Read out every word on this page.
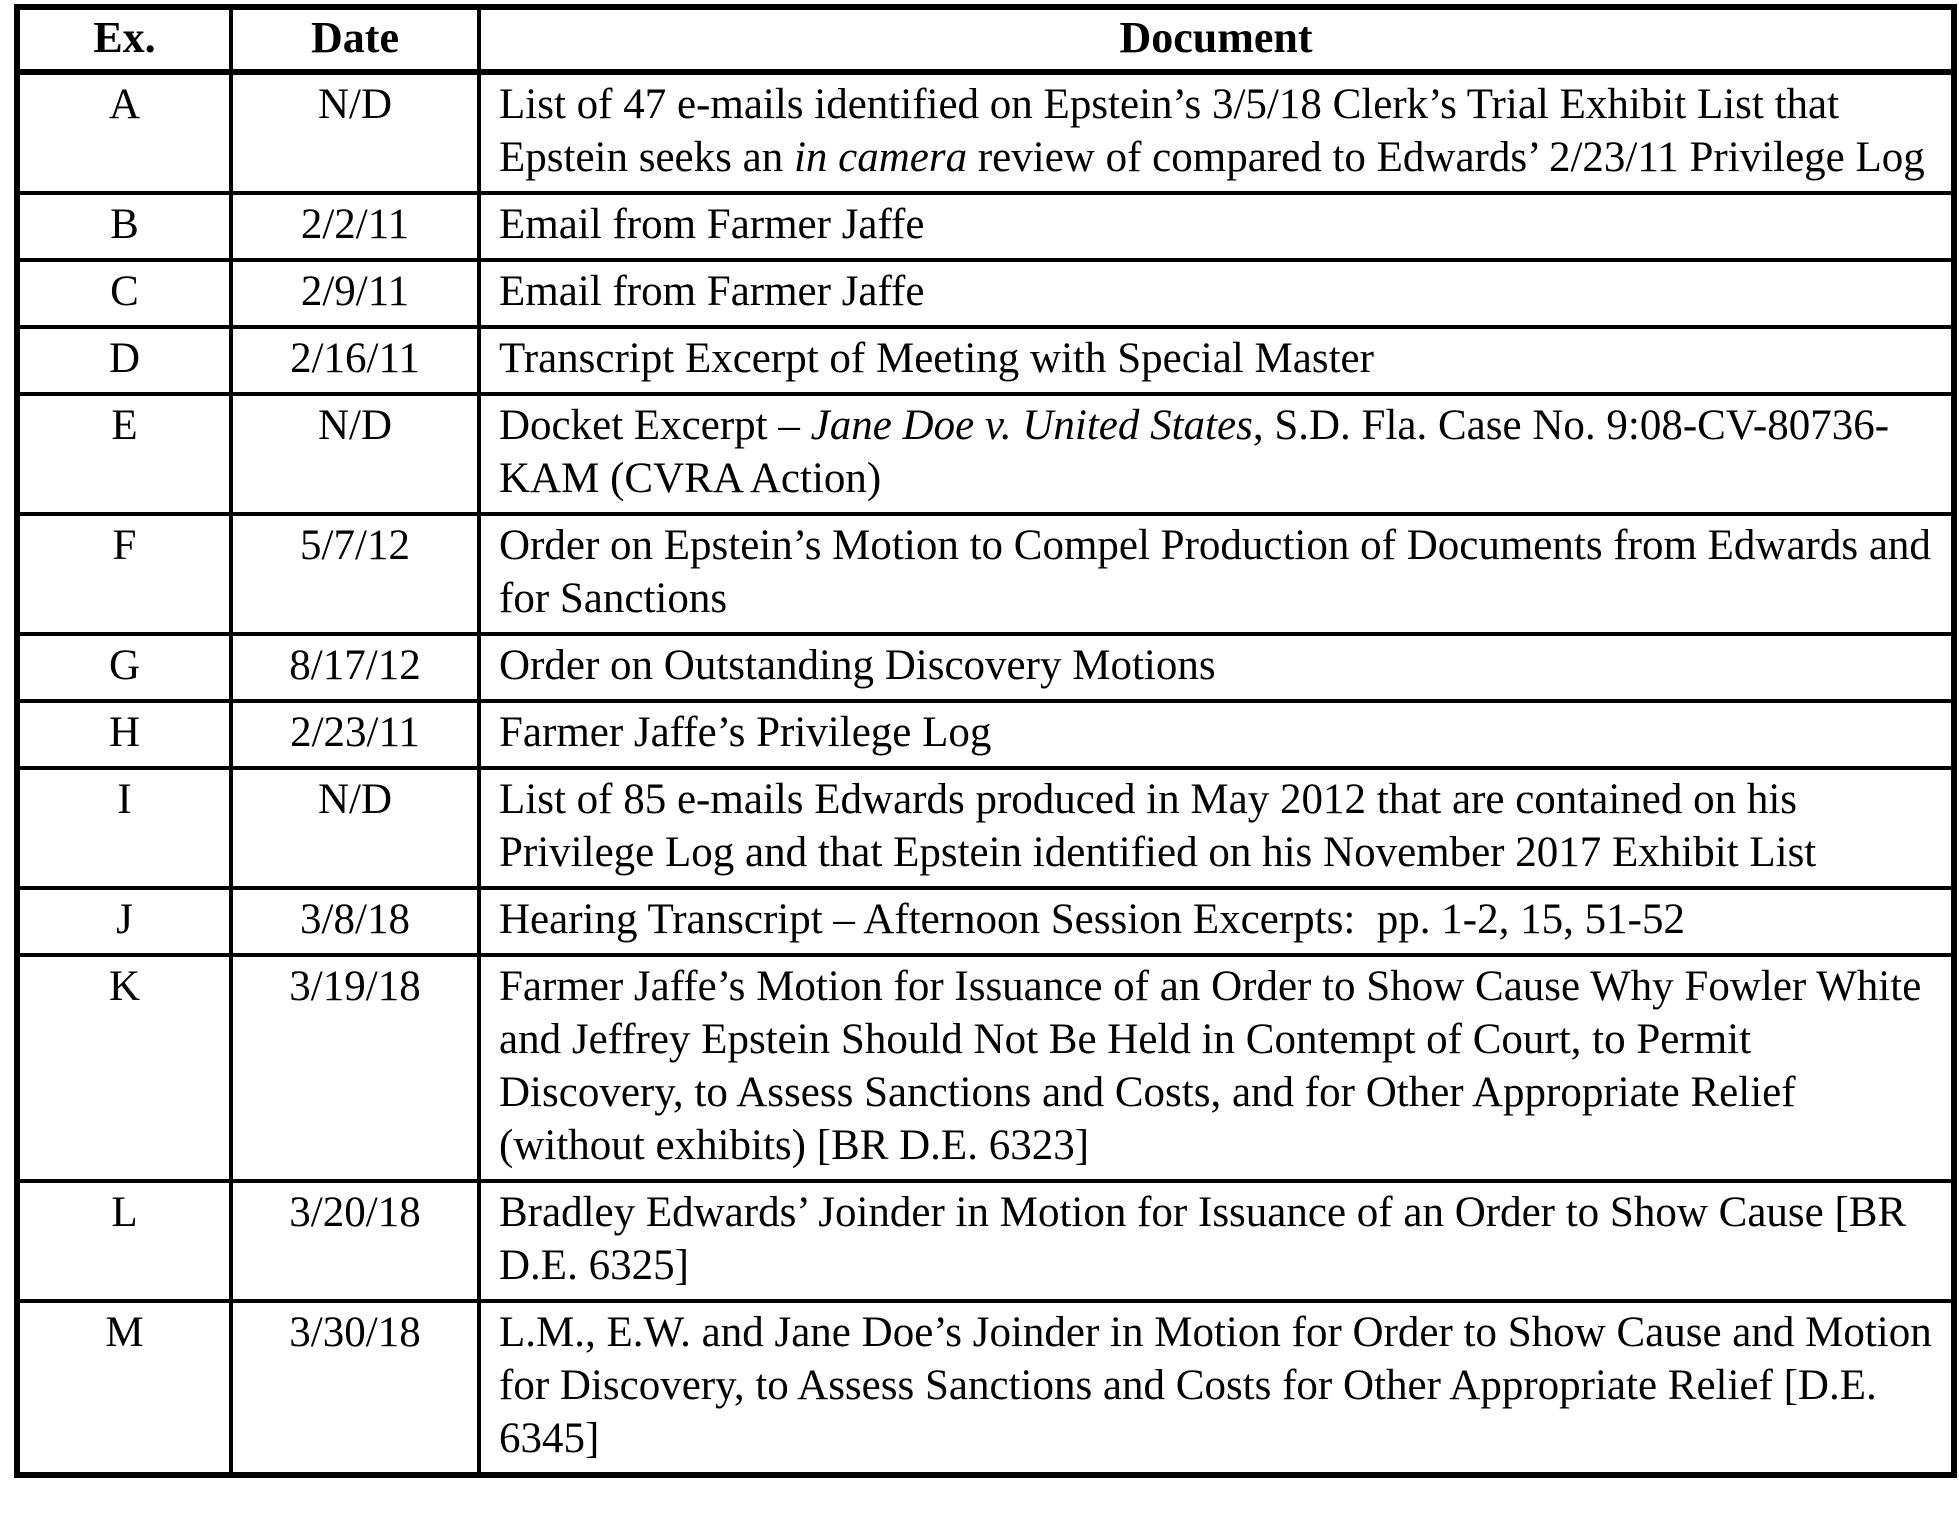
Ex.	Date	Document
A	N/D	List of 47 e-mails identified on Epstein’s 3/5/18 Clerk’s Trial Exhibit List that Epstein seeks an in camera review of compared to Edwards’ 2/23/11 Privilege Log
B	2/2/11	Email from Farmer Jaffe
C	2/9/11	Email from Farmer Jaffe
D	2/16/11	Transcript Excerpt of Meeting with Special Master
E	N/D	Docket Excerpt – Jane Doe v. United States, S.D. Fla. Case No. 9:08-CV-80736-KAM (CVRA Action)
F	5/7/12	Order on Epstein’s Motion to Compel Production of Documents from Edwards and for Sanctions
G	8/17/12	Order on Outstanding Discovery Motions
H	2/23/11	Farmer Jaffe’s Privilege Log
I	N/D	List of 85 e-mails Edwards produced in May 2012 that are contained on his Privilege Log and that Epstein identified on his November 2017 Exhibit List
J	3/8/18	Hearing Transcript – Afternoon Session Excerpts:  pp. 1-2, 15, 51-52
K	3/19/18	Farmer Jaffe’s Motion for Issuance of an Order to Show Cause Why Fowler White and Jeffrey Epstein Should Not Be Held in Contempt of Court, to Permit Discovery, to Assess Sanctions and Costs, and for Other Appropriate Relief (without exhibits) [BR D.E. 6323]
L	3/20/18	Bradley Edwards’ Joinder in Motion for Issuance of an Order to Show Cause [BR D.E. 6325]
M	3/30/18	L.M., E.W. and Jane Doe’s Joinder in Motion for Order to Show Cause and Motion for Discovery, to Assess Sanctions and Costs for Other Appropriate Relief [D.E. 6345]
